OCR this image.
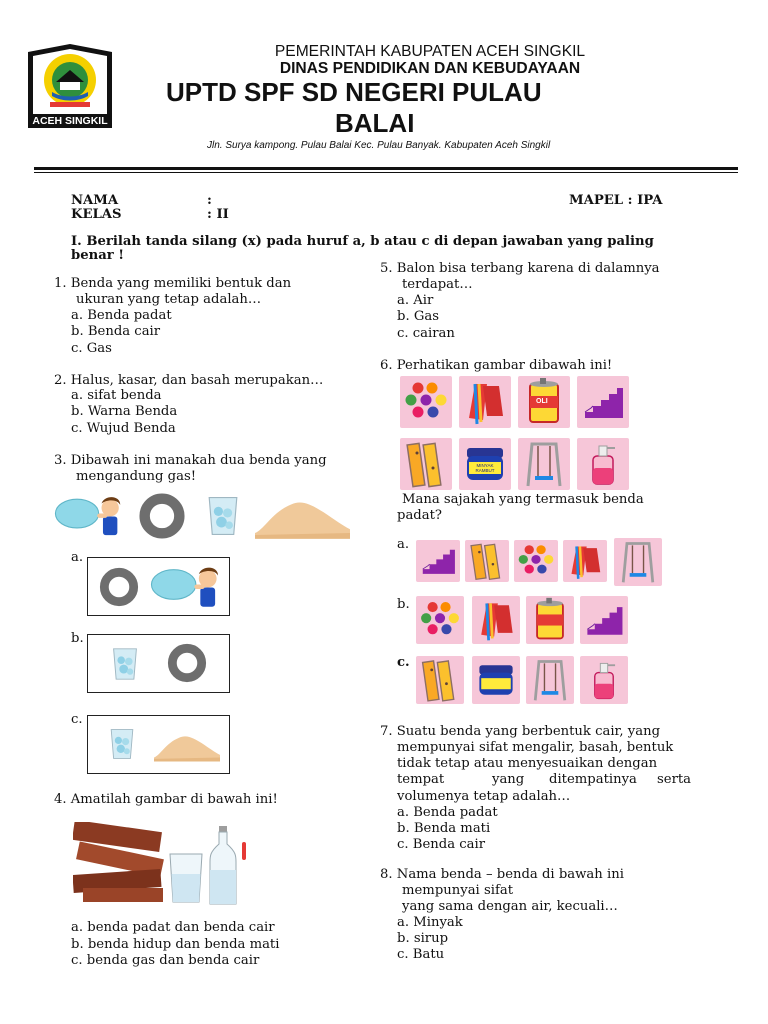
ACEH SINGKIL
PEMERINTAH KABUPATEN ACEH SINGKIL
DINAS PENDIDIKAN DAN KEBUDAYAAN
UPTD SPF SD NEGERI PULAU
BALAI
Jln. Surya kampong. Pulau Balai Kec. Pulau Banyak. Kabupaten Aceh Singkil
NAMA	:	MAPEL : IPA
KELAS	: II
I. Berilah tanda silang (x) pada huruf a, b atau c di depan jawaban yang paling
benar !
1. Benda yang memiliki bentuk dan
ukuran yang tetap adalah…
a. Benda padat
b. Benda cair
c. Gas
2. Halus, kasar, dan basah merupakan…
a. sifat benda
b. Warna Benda
c. Wujud Benda
3. Dibawah ini manakah dua benda yang
mengandung gas!
a.
b.
c.
4. Amatilah gambar di bawah ini!
a. benda padat dan benda cair
b. benda hidup dan benda mati
c. benda gas dan benda cair
5. Balon bisa terbang karena di dalamnya
terdapat…
a. Air
b. Gas
c. cairan
6. Perhatikan gambar dibawah ini!
OLI
MINYAK RAMBUT
Mana sajakah yang termasuk benda
padat?
a.
b.
c.
7. Suatu benda yang berbentuk cair, yang
mempunyai sifat mengalir, basah, bentuk
tidak tetap atau menyesuaikan dengan
tempat	yang ditempatinya serta
volumenya tetap adalah…
a. Benda padat
b. Benda mati
c. Benda cair
8. Nama benda – benda di bawah ini
mempunyai sifat
yang sama dengan air, kecuali…
a. Minyak
b. sirup
c. Batu
